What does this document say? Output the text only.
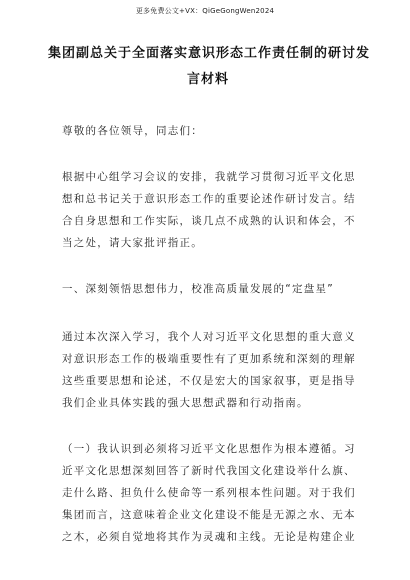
更多免费公文+VX：QiGeGongWen2024
集团副总关于全面落实意识形态工作责任制的研讨发
言材料
尊敬的各位领导，同志们：
根据中心组学习会议的安排，我就学习贯彻习近平文化思
想和总书记关于意识形态工作的重要论述作研讨发言。结
合自身思想和工作实际，谈几点不成熟的认识和体会，不
当之处，请大家批评指正。
一、深刻领悟思想伟力，校准高质量发展的“定盘星”
通过本次深入学习，我个人对习近平文化思想的重大意义
对意识形态工作的极端重要性有了更加系统和深刻的理解
这些重要思想和论述，不仅是宏大的国家叙事，更是指导
我们企业具体实践的强大思想武器和行动指南。
（一）我认识到必须将习近平文化思想作为根本遵循。习
近平文化思想深刻回答了新时代我国文化建设举什么旗、
走什么路、担负什么使命等一系列根本性问题。对于我们
集团而言，这意味着企业文化建设不能是无源之水、无本
之木，必须自觉地将其作为灵魂和主线。无论是构建企业
